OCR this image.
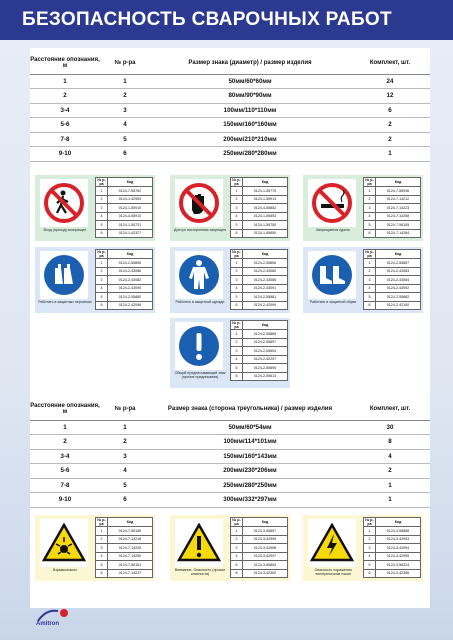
БЕЗОПАСНОСТЬ СВАРОЧНЫХ РАБОТ
Расстояние опознания, м	№ р-ра	Размер знака (диаметр) / размер изделия	Комплект, шт.
1	1	50мм/60*60мм	24
2	2	80мм/90*90мм	12
3-4	3	100мм/110*110мм	6
5-6	4	150мм/160*160мм	2
7-8	5	200мм/210*210мм	2
9-10	6	250мм/280*280мм	1
Вход (проход) воспрещен
№ р-ра	Код
1	0124-7-55762
2	0124-1-42953
3	0124-1-55910
4	0124-4-55910
5	0124-1-55731
6	0124-1-42327
Доступ посторонним запрещен
№ р-ра	Код
1	0124-1-55770
2	0124-1-55913
3	0124-4-55852
4	0124-1-55853
5	0124-1-55755
6	0124-1-55850
Запрещается курить
№ р-ра	Код
1	0124-7-55936
2	0124-7-14212
3	0124-7-14223
4	0124-7-14258
5	0124-7-56345
6	0124-7-14284
Работать в защитных перчатках
№ р-ра	Код
1	0124-2-55855
2	0124-2-43086
3	0124-2-43082
4	0124-2-43090
5	0124-2-55880
6	0124-2-42098
Работать в защитной одежде
№ р-ра	Код
1	0124-2-55856
2	0124-2-43080
3	0124-2-43085
4	0124-2-43091
5	0124-2-55881
6	0124-2-42099
Работать в защитной обуви
№ р-ра	Код
1	0124-2-55857
2	0124-2-43083
3	0124-2-43084
4	0124-2-43092
5	0124-2-55882
6	0124-2-42100
Общий предписывающий знак (прочие предписания)
№ р-ра	Код
1	0124-2-55865
2	0124-2-55897
3	0124-2-55604
4	0124-2-42297
5	0124-2-55890
6	0124-2-55613
Расстояние опознания, м	№ р-ра	Размер знака (сторона треугольника) / размер изделия	Комплект, шт.
1	1	50мм/60*54мм	30
2	2	100мм/114*101мм	8
3-4	3	150мм/160*143мм	4
5-6	4	200мм/230*206мм	2
7-8	5	250мм/280*250мм	1
9-10	6	300мм/332*297мм	1
Взрывоопасно
№ р-ра	Код
1	0124-7-56106
2	0124-7-14216
3	0124-7-14226
4	0124-7-14250
5	0124-7-56151
6	0124-7-14237
Внимание. Опасность (прочие опасности)
№ р-ра	Код
1	0124-3-55857
2	0124-3-42995
3	0124-3-42998
4	0124-3-42997
5	0124-3-55854
6	0124-3-42300
Опасность поражения электрическим током
№ р-ра	Код
1	0124-3-55858
2	0124-3-42993
3	0124-3-42994
4	0124-3-42995
5	0124-3-56324
6	0124-3-42306
Amitron
